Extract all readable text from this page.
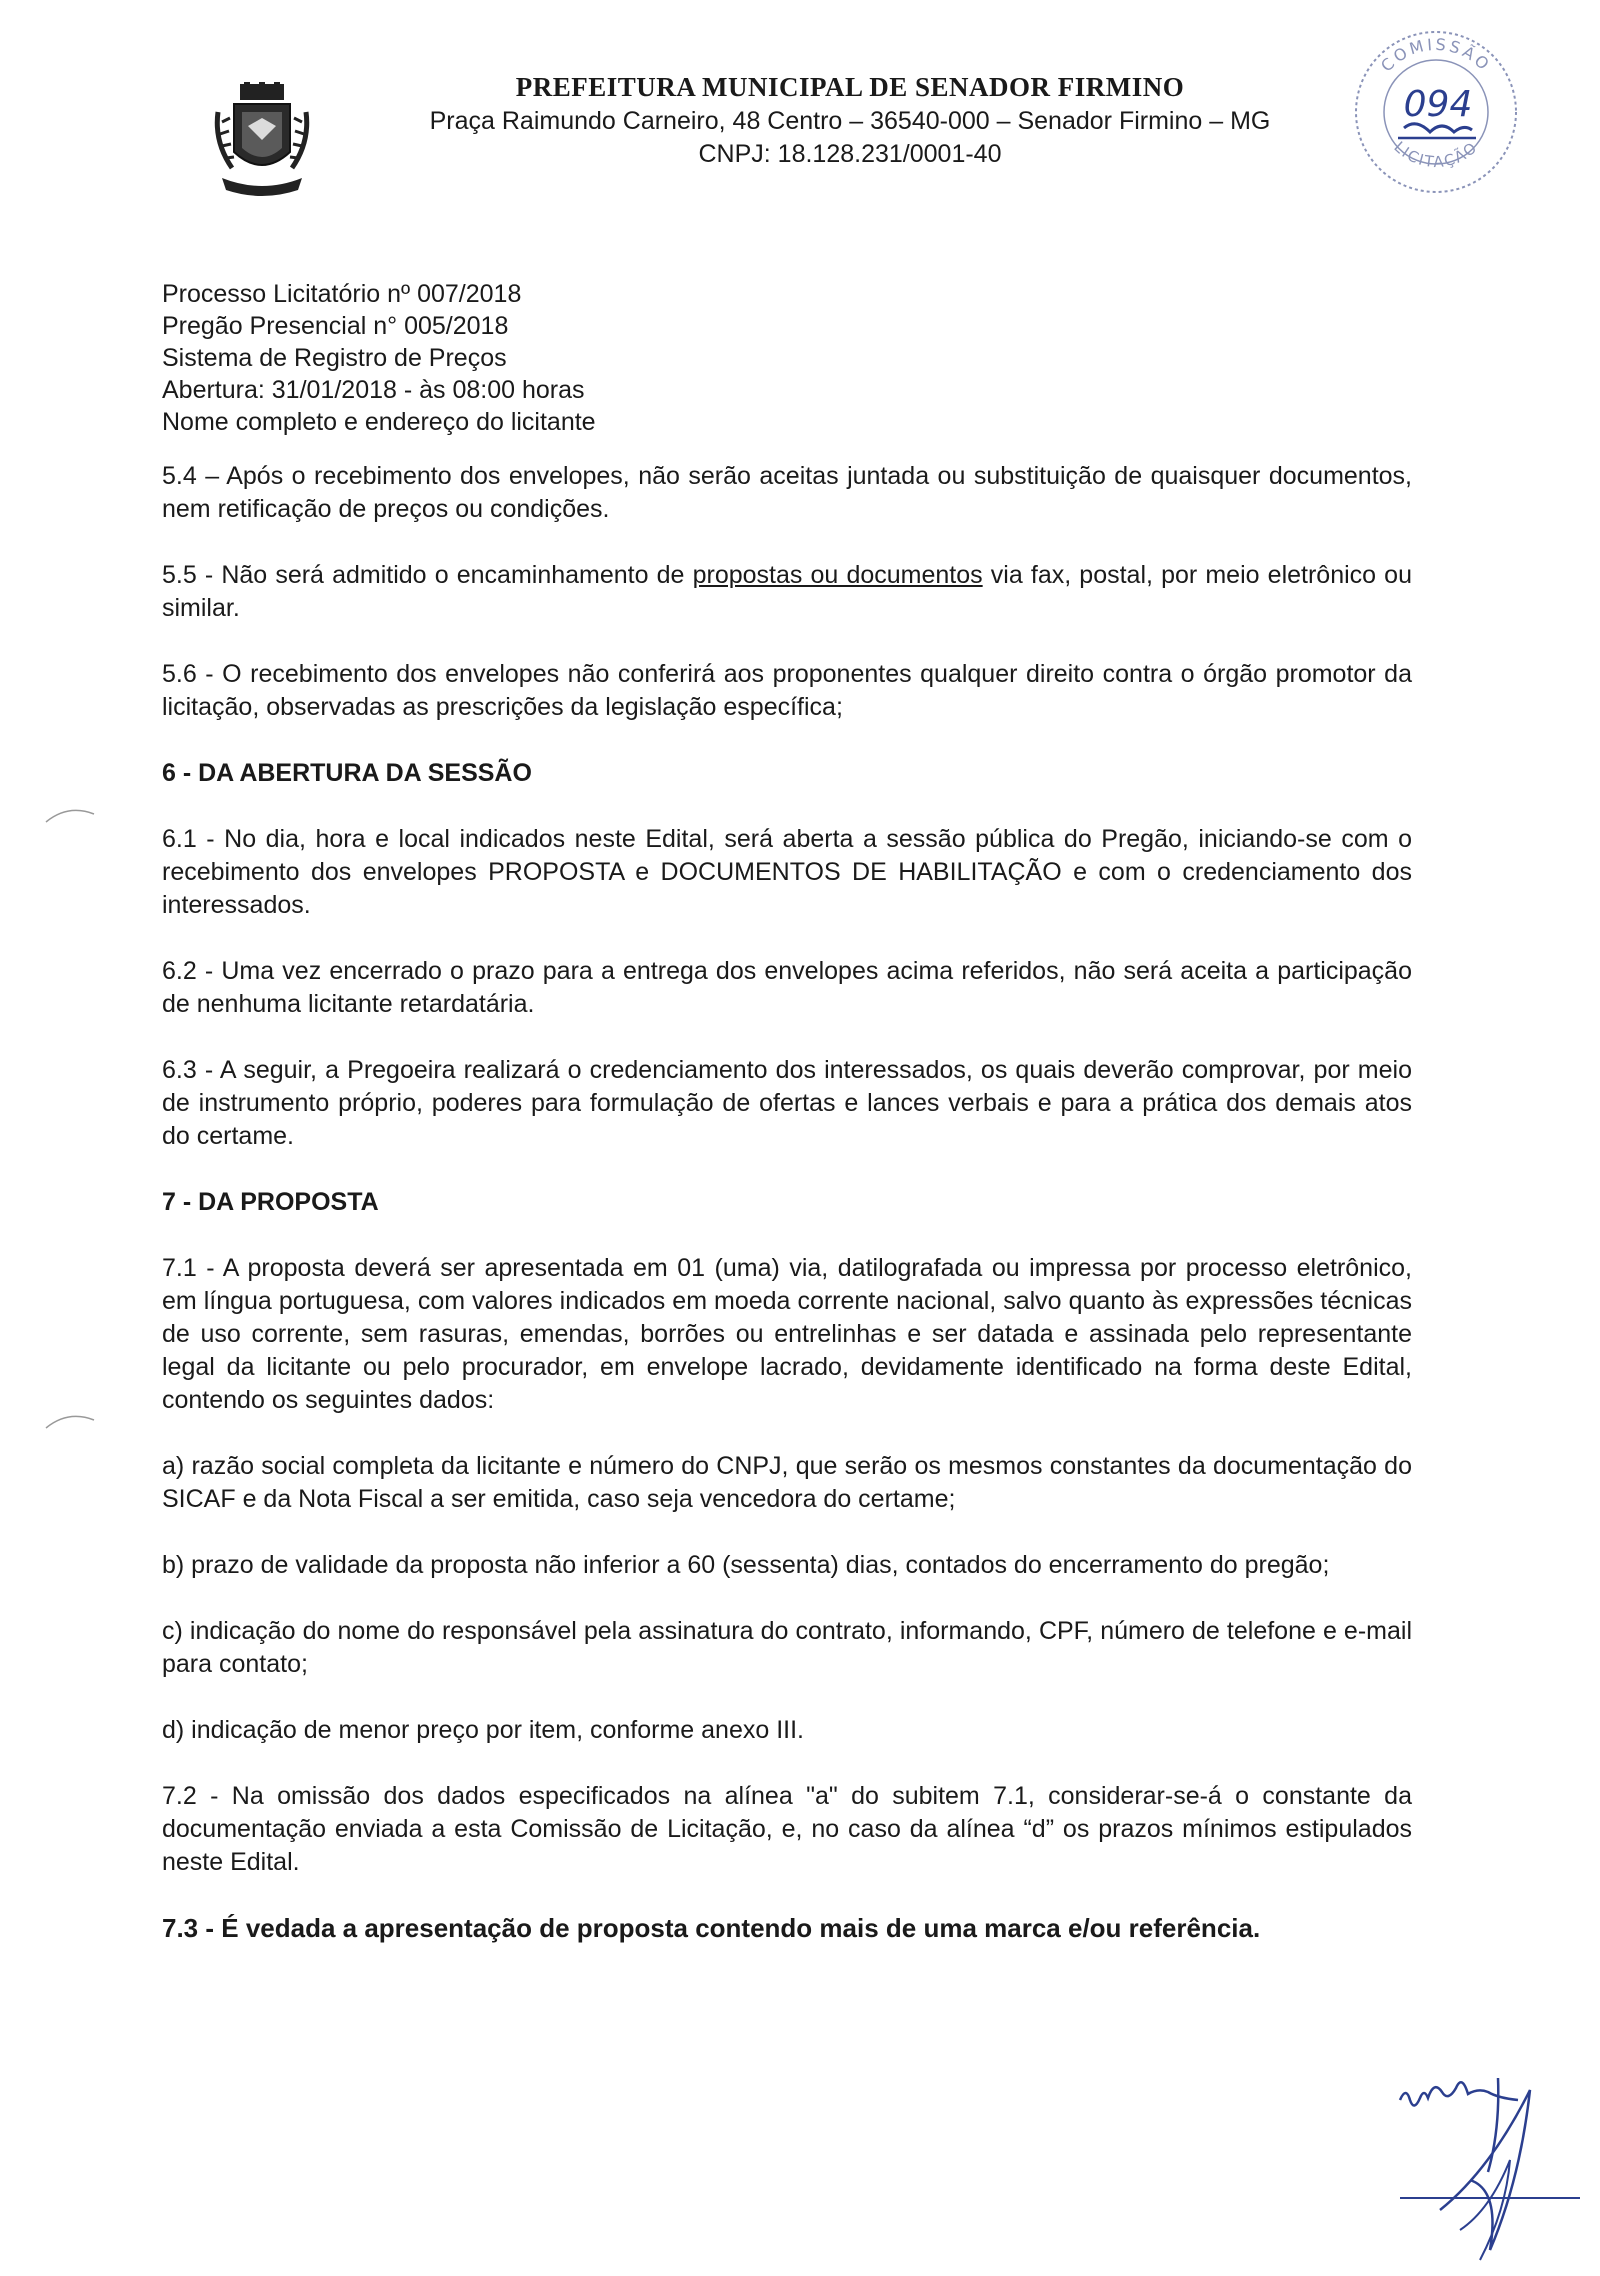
PREFEITURA MUNICIPAL DE SENADOR FIRMINO
Praça Raimundo Carneiro, 48 Centro – 36540-000 – Senador Firmino – MG
CNPJ: 18.128.231/0001-40
COMISSÃO
LICITAÇÃO
094
Processo Licitatório nº 007/2018
Pregão Presencial n° 005/2018
Sistema de Registro de Preços
Abertura: 31/01/2018 - às 08:00 horas
Nome completo e endereço do licitante

5.4 – Após o recebimento dos envelopes, não serão aceitas juntada ou substituição de quaisquer documentos, nem retificação de preços ou condições.

5.5 - Não será admitido o encaminhamento de propostas ou documentos via fax, postal, por meio eletrônico ou similar.

5.6 - O recebimento dos envelopes não conferirá aos proponentes qualquer direito contra o órgão promotor da licitação, observadas as prescrições da legislação específica;

6 - DA ABERTURA DA SESSÃO

6.1 - No dia, hora e local indicados neste Edital, será aberta a sessão pública do Pregão, iniciando-se com o recebimento dos envelopes PROPOSTA e DOCUMENTOS DE HABILITAÇÃO e com o credenciamento dos interessados.

6.2 - Uma vez encerrado o prazo para a entrega dos envelopes acima referidos, não será aceita a participação de nenhuma licitante retardatária.

6.3 - A seguir, a Pregoeira realizará o credenciamento dos interessados, os quais deverão comprovar, por meio de instrumento próprio, poderes para formulação de ofertas e lances verbais e para a prática dos demais atos do certame.

7 - DA PROPOSTA

7.1 - A proposta deverá ser apresentada em 01 (uma) via, datilografada ou impressa por processo eletrônico, em língua portuguesa, com valores indicados em moeda corrente nacional, salvo quanto às expressões técnicas de uso corrente, sem rasuras, emendas, borrões ou entrelinhas e ser datada e assinada pelo representante legal da licitante ou pelo procurador, em envelope lacrado, devidamente identificado na forma deste Edital, contendo os seguintes dados:

a) razão social completa da licitante e número do CNPJ, que serão os mesmos constantes da documentação do SICAF e da Nota Fiscal a ser emitida, caso seja vencedora do certame;

b) prazo de validade da proposta não inferior a 60 (sessenta) dias, contados do encerramento do pregão;

c) indicação do nome do responsável pela assinatura do contrato, informando, CPF, número de telefone e e-mail para contato;

d) indicação de menor preço por item, conforme anexo III.

7.2 - Na omissão dos dados especificados na alínea "a" do subitem 7.1, considerar-se-á o constante da documentação enviada a esta Comissão de Licitação, e, no caso da alínea “d” os prazos mínimos estipulados neste Edital.

7.3 - É vedada a apresentação de proposta contendo mais de uma marca e/ou referência.
